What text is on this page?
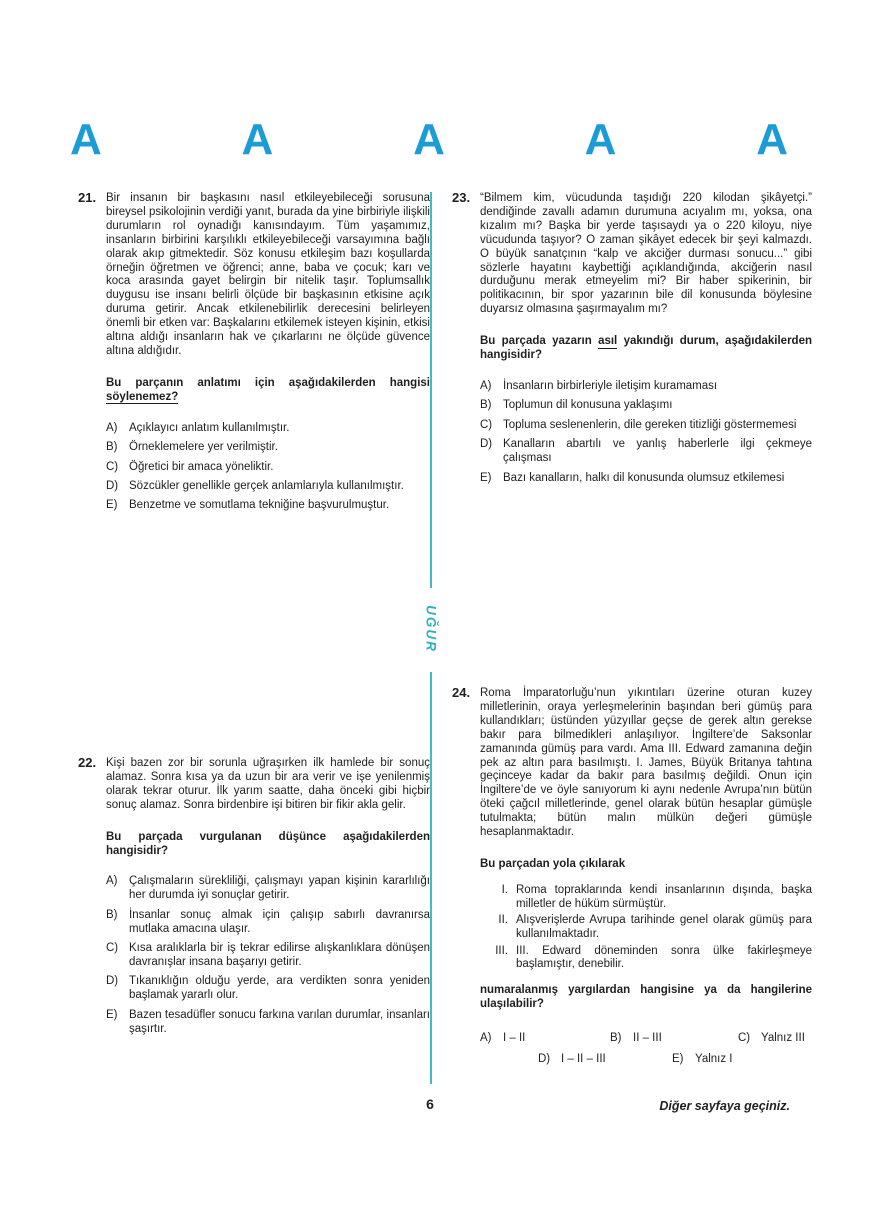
A	A	A	A	A
UĞUR
21. Bir insanın bir başkasını nasıl etkileyebileceği sorusuna bireysel psikolojinin verdiği yanıt, burada da yine birbiriyle ilişkili durumların rol oynadığı kanısındayım. Tüm yaşamımız, insanların birbirini karşılıklı etkileyebileceği varsayımına bağlı olarak akıp gitmektedir. Söz konusu etkileşim bazı koşullarda örneğin öğretmen ve öğrenci; anne, baba ve çocuk; karı ve koca arasında gayet belirgin bir nitelik taşır. Toplumsallık duygusu ise insanı belirli ölçüde bir başkasının etkisine açık duruma getirir. Ancak etkilenebilirlik derecesini belirleyen önemli bir etken var: Başkalarını etkilemek isteyen kişinin, etkisi altına aldığı insanların hak ve çıkarlarını ne ölçüde güvence altına aldığıdır.

Bu parçanın anlatımı için aşağıdakilerden hangisi söylenemez?

A)	Açıklayıcı anlatım kullanılmıştır.
B)	Örneklemelere yer verilmiştir.
C) Öğretici bir amaca yöneliktir.
D) Sözcükler genellikle gerçek anlamlarıyla kullanılmıştır.
E)	Benzetme ve somutlama tekniğine başvurulmuştur.
22. Kişi bazen zor bir sorunla uğraşırken ilk hamlede bir sonuç alamaz. Sonra kısa ya da uzun bir ara verir ve işe yenilenmiş olarak tekrar oturur. İlk yarım saatte, daha önceki gibi hiçbir sonuç alamaz. Sonra birdenbire işi bitiren bir fikir akla gelir.

Bu parçada vurgulanan düşünce aşağıdakilerden hangisidir?

A)	Çalışmaların sürekliliği, çalışmayı yapan kişinin kararlılığı her durumda iyi sonuçlar getirir.
B)	İnsanlar sonuç almak için çalışıp sabırlı davranırsa mutlaka amacına ulaşır.
C) Kısa aralıklarla bir iş tekrar edilirse alışkanlıklara dönüşen davranışlar insana başarıyı getirir.
D) Tıkanıklığın olduğu yerde, ara verdikten sonra yeniden başlamak yararlı olur.
E)	Bazen tesadüfler sonucu farkına varılan durumlar, insanları şaşırtır.
23. “Bilmem kim, vücudunda taşıdığı 220 kilodan şikâyetçi.” dendiğinde zavallı adamın durumuna acıyalım mı, yoksa, ona kızalım mı? Başka bir yerde taşısaydı ya o 220 kiloyu, niye vücudunda taşıyor? O zaman şikâyet edecek bir şeyi kalmazdı. O büyük sanatçının “kalp ve akciğer durması sonucu...” gibi sözlerle hayatını kaybettiği açıklandığında, akciğerin nasıl durduğunu merak etmeyelim mi? Bir haber spikerinin, bir politikacının, bir spor yazarının bile dil konusunda böylesine duyarsız olmasına şaşırmayalım mı?

Bu parçada yazarın asıl yakındığı durum, aşağıdakilerden hangisidir?

A)	İnsanların birbirleriyle iletişim kuramaması
B)	Toplumun dil konusuna yaklaşımı
C) Topluma seslenenlerin, dile gereken titizliği göstermemesi
D) Kanalların abartılı ve yanlış haberlerle ilgi çekmeye çalışması
E)	Bazı kanalların, halkı dil konusunda olumsuz etkilemesi
24. Roma İmparatorluğu’nun yıkıntıları üzerine oturan kuzey milletlerinin, oraya yerleşmelerinin başından beri gümüş para kullandıkları; üstünden yüzyıllar geçse de gerek altın gerekse bakır para bilmedikleri anlaşılıyor. İngiltere’de Saksonlar zamanında gümüş para vardı. Ama III. Edward zamanına değin pek az altın para basılmıştı. I. James, Büyük Britanya tahtına geçinceye kadar da bakır para basılmış değildi. Onun için İngiltere’de ve öyle sanıyorum ki aynı nedenle Avrupa’nın bütün öteki çağcıl milletlerinde, genel olarak bütün hesaplar gümüşle tutulmakta; bütün malın mülkün değeri gümüşle hesaplanmaktadır.

Bu parçadan yola çıkılarak

I. Roma topraklarında kendi insanlarının dışında, başka milletler de hüküm sürmüştür.
II. Alışverişlerde Avrupa tarihinde genel olarak gümüş para kullanılmaktadır.
III. III. Edward döneminden sonra ülke fakirleşmeye başlamıştır, denebilir.

numaralanmış yargılardan hangisine ya da hangilerine ulaşılabilir?

A)	I – II	B)	II – III	C) Yalnız III
D) I – II – III	E)	Yalnız I
6	Diğer sayfaya geçiniz.
